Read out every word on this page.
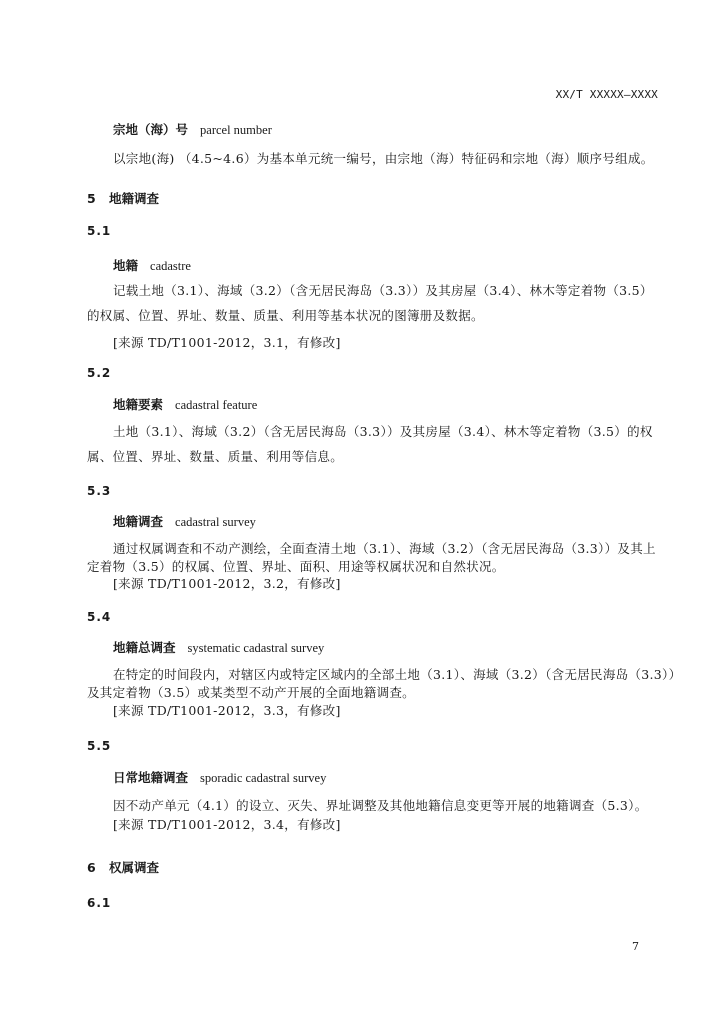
XX/T XXXXX—XXXX
宗地（海）号 parcel number
以宗地(海) （4.5~4.6）为基本单元统一编号，由宗地（海）特征码和宗地（海）顺序号组成。
5 地籍调查
5.1
地籍 cadastre
记载土地（3.1）、海域（3.2）（含无居民海岛（3.3））及其房屋（3.4）、林木等定着物（3.5）
的权属、位置、界址、数量、质量、利用等基本状况的图簿册及数据。
[来源 TD/T1001-2012，3.1，有修改]
5.2
地籍要素 cadastral feature
土地（3.1）、海域（3.2）（含无居民海岛（3.3））及其房屋（3.4）、林木等定着物（3.5）的权
属、位置、界址、数量、质量、利用等信息。
5.3
地籍调查 cadastral survey
通过权属调查和不动产测绘，全面查清土地（3.1）、海域（3.2）（含无居民海岛（3.3））及其上
定着物（3.5）的权属、位置、界址、面积、用途等权属状况和自然状况。
[来源 TD/T1001-2012，3.2，有修改]
5.4
地籍总调查 systematic cadastral survey
在特定的时间段内，对辖区内或特定区域内的全部土地（3.1）、海域（3.2）（含无居民海岛（3.3））
及其定着物（3.5）或某类型不动产开展的全面地籍调查。
[来源 TD/T1001-2012，3.3，有修改]
5.5
日常地籍调查 sporadic cadastral survey
因不动产单元（4.1）的设立、灭失、界址调整及其他地籍信息变更等开展的地籍调查（5.3）。
[来源 TD/T1001-2012，3.4，有修改]
6 权属调查
6.1
7
